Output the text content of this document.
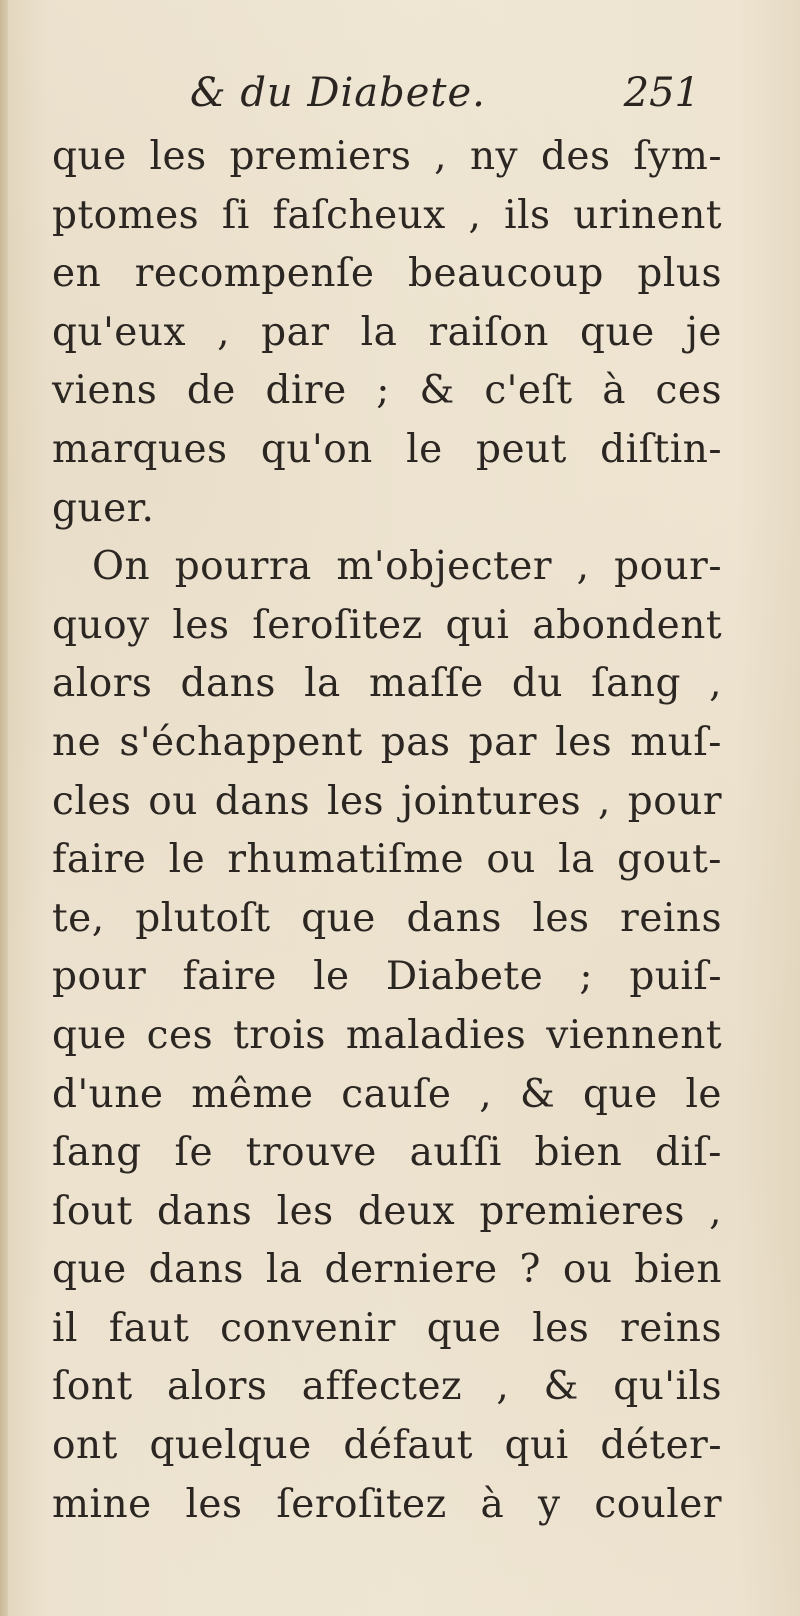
& du Diabete.	251
que les premiers , ny des ſym-
ptomes ſi faſcheux , ils urinent
en recompenſe beaucoup plus
qu'eux , par la raiſon que je
viens de dire ; & c'eſt à ces
marques qu'on le peut diſtin-
guer.
On pourra m'objecter , pour-
quoy les ſeroſitez qui abondent
alors dans la maſſe du ſang ,
ne s'échappent pas par les muſ-
cles ou dans les jointures , pour
faire le rhumatiſme ou la gout-
te, plutoſt que dans les reins
pour faire le Diabete ; puiſ-
que ces trois maladies viennent
d'une même cauſe , & que le
ſang ſe trouve auſſi bien diſ-
ſout dans les deux premieres ,
que dans la derniere ? ou bien
il faut convenir que les reins
ſont alors affectez , & qu'ils
ont quelque défaut qui déter-
mine les ſeroſitez à y couler
